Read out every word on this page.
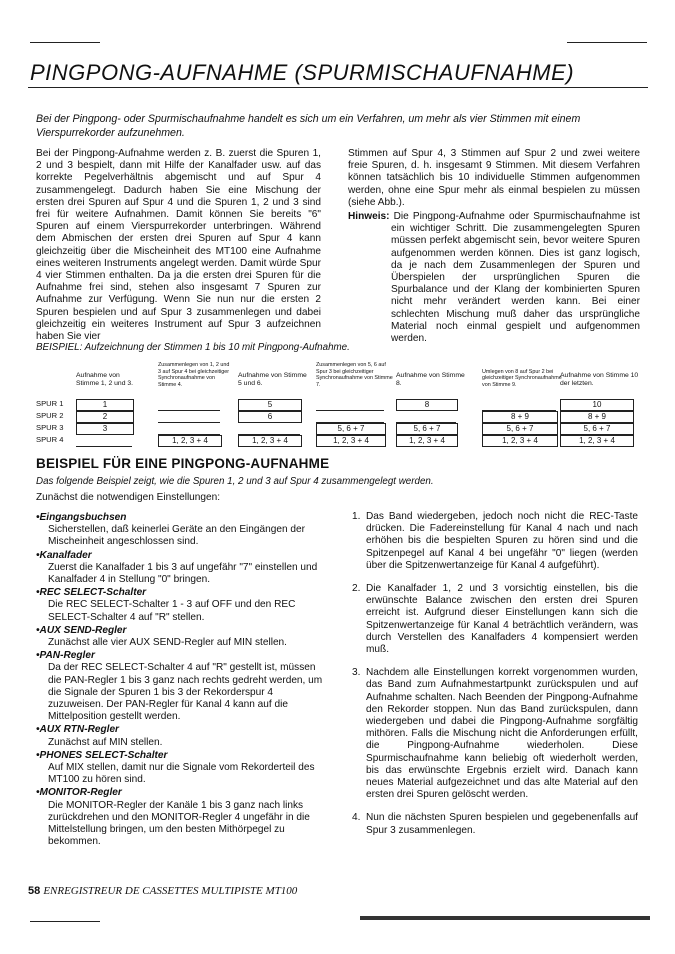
PINGPONG-AUFNAHME (SPURMISCHAUFNAHME)
Bei der Pingpong- oder Spurmischaufnahme handelt es sich um ein Verfahren, um mehr als vier Stimmen mit einem Vierspurrekorder aufzunehmen.

Bei der Pingpong-Aufnahme werden z. B. zuerst die Spuren 1, 2 und 3 bespielt, dann mit Hilfe der Kanalfader usw. auf das korrekte Pegelverhältnis abgemischt und auf Spur 4 zusammengelegt. Dadurch haben Sie eine Mischung der ersten drei Spuren auf Spur 4 und die Spuren 1, 2 und 3 sind frei für weitere Aufnahmen. Damit können Sie bereits "6" Spuren auf einem Vierspurrekorder unterbringen. Während dem Abmischen der ersten drei Spuren auf Spur 4 kann gleichzeitig über die Mischeinheit des MT100 eine Aufnahme eines weiteren Instruments angelegt werden. Damit würde Spur 4 vier Stimmen enthalten. Da ja die ersten drei Spuren für die Aufnahme frei sind, stehen also insgesamt 7 Spuren zur Aufnahme zur Verfügung. Wenn Sie nun nur die ersten 2 Spuren bespielen und auf Spur 3 zusammenlegen und dabei gleichzeitig ein weiteres Instrument auf Spur 3 aufzeichnen haben Sie vier

Stimmen auf Spur 4, 3 Stimmen auf Spur 2 und zwei weitere freie Spuren, d. h. insgesamt 9 Stimmen. Mit diesem Verfahren können tatsächlich bis 10 individuelle Stimmen aufgenommen werden, ohne eine Spur mehr als einmal bespielen zu müssen (siehe Abb.).

Hinweis: Die Pingpong-Aufnahme oder Spurmischaufnahme ist ein wichtiger Schritt. Die zusammengelegten Spuren müssen perfekt abgemischt sein, bevor weitere Spuren aufgenommen werden können. Dies ist ganz logisch, da je nach dem Zusammenlegen der Spuren und Überspielen der ursprünglichen Spuren die Spurbalance und der Klang der kombinierten Spuren nicht mehr verändert werden kann. Bei einer schlechten Mischung muß daher das ursprüngliche Material noch einmal gespielt und aufgenommen werden.

BEISPIEL: Aufzeichnung der Stimmen 1 bis 10 mit Pingpong-Aufnahme.
Aufnahme von Stimme 1, 2 und 3.
Zusammenlegen von 1, 2 und 3 auf Spur 4 bei gleichzeitiger Synchronaufnahme von Stimme 4.
Aufnahme von Stimme 5 und 6.
Zusammenlegen von 5, 6 auf Spur 3 bei gleichzeitiger Synchronaufnahme von Stimme 7.
Aufnahme von Stimme 8.
Umlegen von 8 auf Spur 2 bei gleichzeitiger Synchronaufnahme von Stimme 9.
Aufnahme von Stimme 10 der letzten.
SPUR 1
SPUR 2
SPUR 3
SPUR 4
1
2
3
1, 2, 3 + 4
5
6
1, 2, 3 + 4
5, 6 + 7
1, 2, 3 + 4
8
5, 6 + 7
1, 2, 3 + 4
8 + 9
5, 6 + 7
1, 2, 3 + 4
10
8 + 9
5, 6 + 7
1, 2, 3 + 4
BEISPIEL FÜR EINE PINGPONG-AUFNAHME
Das folgende Beispiel zeigt, wie die Spuren 1, 2 und 3 auf Spur 4 zusammengelegt werden.
Zunächst die notwendigen Einstellungen:
•Eingangsbuchsen
Sicherstellen, daß keinerlei Geräte an den Eingängen der Mischeinheit angeschlossen sind.
•Kanalfader
Zuerst die Kanalfader 1 bis 3 auf ungefähr "7" einstellen und Kanalfader 4 in Stellung "0" bringen.
•REC SELECT-Schalter
Die REC SELECT-Schalter 1 - 3 auf OFF und den REC SELECT-Schalter 4 auf "R" stellen.
•AUX SEND-Regler
Zunächst alle vier AUX SEND-Regler auf MIN stellen.
•PAN-Regler
Da der REC SELECT-Schalter 4 auf "R" gestellt ist, müssen die PAN-Regler 1 bis 3 ganz nach rechts gedreht werden, um die Signale der Spuren 1 bis 3 der Rekorderspur 4 zuzuweisen. Der PAN-Regler für Kanal 4 kann auf die Mittelposition gestellt werden.
•AUX RTN-Regler
Zunächst auf MIN stellen.
•PHONES SELECT-Schalter
Auf MIX stellen, damit nur die Signale vom Rekorderteil des MT100 zu hören sind.
•MONITOR-Regler
Die MONITOR-Regler der Kanäle 1 bis 3 ganz nach links zurückdrehen und den MONITOR-Regler 4 ungefähr in die Mittelstellung bringen, um den besten Mithörpegel zu bekommen.
1. Das Band wiedergeben, jedoch noch nicht die REC-Taste drücken. Die Fadereinstellung für Kanal 4 nach und nach erhöhen bis die bespielten Spuren zu hören sind und die Spitzenpegel auf Kanal 4 bei ungefähr "0" liegen (werden über die Spitzenwertanzeige für Kanal 4 aufgeführt).
2. Die Kanalfader 1, 2 und 3 vorsichtig einstellen, bis die erwünschte Balance zwischen den ersten drei Spuren erreicht ist. Aufgrund dieser Einstellungen kann sich die Spitzenwertanzeige für Kanal 4 beträchtlich verändern, was durch Verstellen des Kanalfaders 4 kompensiert werden muß.
3. Nachdem alle Einstellungen korrekt vorgenommen wurden, das Band zum Aufnahmestartpunkt zurückspulen und auf Aufnahme schalten. Nach Beenden der Pingpong-Aufnahme den Rekorder stoppen. Nun das Band zurückspulen, dann wiedergeben und dabei die Pingpong-Aufnahme sorgfältig mithören. Falls die Mischung nicht die Anforderungen erfüllt, die Pingpong-Aufnahme wiederholen. Diese Spurmischaufnahme kann beliebig oft wiederholt werden, bis das erwünschte Ergebnis erzielt wird. Danach kann neues Material aufgezeichnet und das alte Material auf den ersten drei Spuren gelöscht werden.
4. Nun die nächsten Spuren bespielen und gegebenenfalls auf Spur 3 zusammenlegen.
58 ENREGISTREUR DE CASSETTES MULTIPISTE MT100
